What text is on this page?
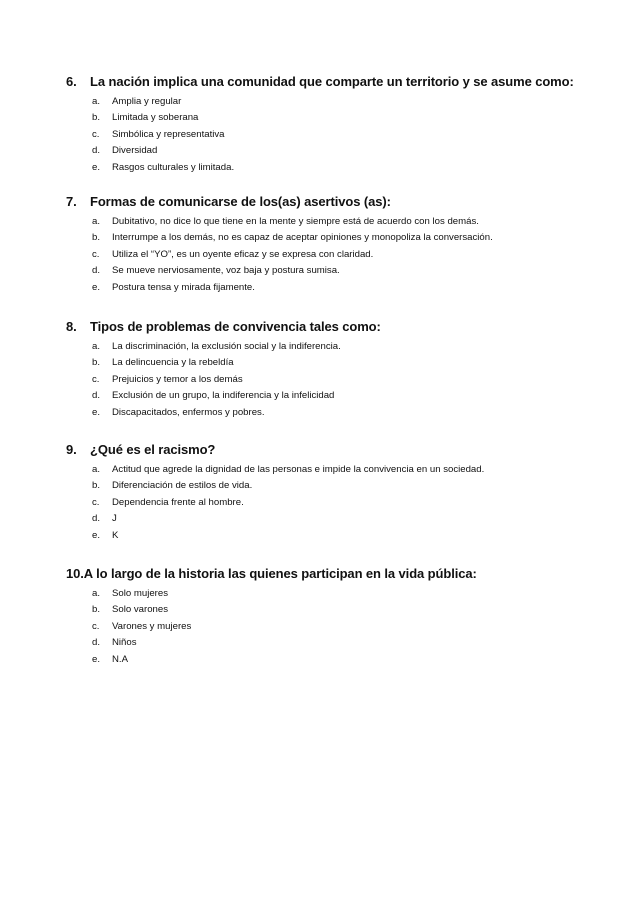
6.	La nación implica una comunidad que comparte un territorio y se asume como:
a.	Amplia y regular
b.	Limitada y soberana
c.	Simbólica y representativa
d.	Diversidad
e.	Rasgos culturales y limitada.
7.	Formas de comunicarse de los(as) asertivos (as):
a.	Dubitativo, no dice lo que tiene en la mente y siempre está de acuerdo con los demás.
b.	Interrumpe a los demás, no es capaz de aceptar opiniones y monopoliza la conversación.
c.	Utiliza el “YO”, es un oyente eficaz y se expresa con claridad.
d.	Se mueve nerviosamente, voz baja y postura sumisa.
e.	Postura tensa y mirada fijamente.
8.	Tipos de problemas de convivencia tales como:
a.	La discriminación, la exclusión social y la indiferencia.
b.	La delincuencia y la rebeldía
c.	Prejuicios y temor a los demás
d.	Exclusión de un grupo, la indiferencia y la infelicidad
e.	Discapacitados, enfermos y pobres.
9.	¿Qué es el racismo?
a.	Actitud que agrede la dignidad de las personas e impide la convivencia en un sociedad.
b.	Diferenciación de estilos de vida.
c.	Dependencia frente al hombre.
d.	J
e.	K
10. A lo largo de la historia las quienes participan en la vida pública:
a.	Solo mujeres
b.	Solo varones
c.	Varones y mujeres
d.	Niños
e.	N.A
